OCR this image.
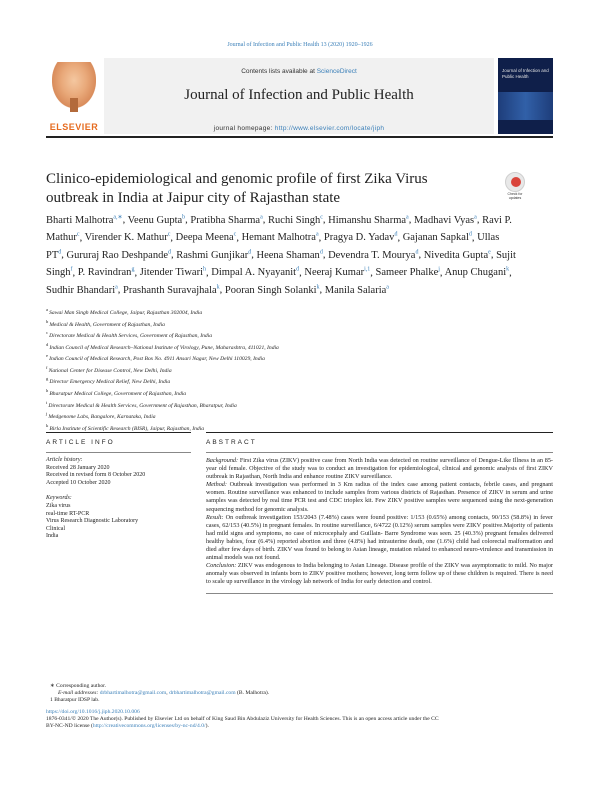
Journal of Infection and Public Health 13 (2020) 1920–1926
ELSEVIER
Contents lists available at ScienceDirect
Journal of Infection and Public Health
journal homepage: http://www.elsevier.com/locate/jiph
Journal of Infection and Public Health
Clinico-epidemiological and genomic profile of first Zika Virus outbreak in India at Jaipur city of Rajasthan state	Check for
updates
Bharti Malhotra$^{a,∗}$, Veenu Gupta$^b$, Pratibha Sharma$^a$, Ruchi Singh$^c$, Himanshu Sharma$^a$, Madhavi Vyas$^a$, Ravi P. Mathur$^c$, Virender K. Mathur$^c$, Deepa Meena$^c$, Hemant Malhotra$^a$, Pragya D. Yadav$^d$, Gajanan Sapkal$^d$, Ullas $PT^d$, Gururaj Rao Deshpande$^d$, Rashmi Gunjikar$^d$, Heena Shaman$^d$, Devendra T. Mourya$^d$, Nivedita Gupta$^e$, Sujit Singh$^f$, P. Ravindran$^g$, Jitender Tiwari$^h$, Dimpal A. Nyayanit$^d$, Neeraj Kumar$^{i,1}$, Sameer Phalke$^j$, Anup Chugani$^k$, Sudhir Bhandari$^a$, Prashanth Suravajhala$^k$, Pooran Singh Solanki$^k$, Manila Salaria$^a$
$^a$ Sawai Man Singh Medical College, Jaipur, Rajasthan 302004, India
$^b$ Medical & Health, Government of Rajasthan, India
$^c$ Directorate Medical & Health Services, Government of Rajasthan, India
$^d$ Indian Council of Medical Research–National Institute of Virology, Pune, Maharashtra, 411021, India
$^e$ Indian Council of Medical Research, Post Box No. 4911 Ansari Nagar, New Delhi 110029, India
$^f$ National Center for Disease Control, New Delhi, India
$^g$ Director Emergency Medical Relief, New Delhi, India
$^h$ Bharatpur Medical College, Government of Rajasthan, India
$^i$ Directorate Medical & Health Services, Government of Rajasthan, Bharatpur, India
$^j$ Medgenome Labs, Bangalore, Karnataka, India
$^k$ Birla Institute of Scientific Research (BISR), Jaipur, Rajasthan, India
ARTICLE INFO
Article history:
Received 28 January 2020
Received in revised form 8 October 2020
Accepted 10 October 2020
Keywords:
Zika virus
real-time RT-PCR
Virus Research Diagnostic Laboratory
Clinical
India
ABSTRACT

Background: First Zika virus (ZIKV) positive case from North India was detected on routine surveillance of Dengue-Like Illness in an 85-year old female. Objective of the study was to conduct an investigation for epidemiological, clinical and genomic analysis of first ZIKV outbreak in Rajasthan, North India and enhance routine ZIKV surveillance.

Method: Outbreak investigation was performed in 3 Km radius of the index case among patient contacts, febrile cases, and pregnant women. Routine surveillance was enhanced to include samples from various districts of Rajasthan. Presence of ZIKV in serum and urine samples was detected by real time PCR test and CDC trioplex kit. Few ZIKV positive samples were sequenced using the next-generation sequencing method for genomic analysis.

Result: On outbreak investigation 153/2043 (7.48%) cases were found positive: 1/153 (0.65%) among contacts, 90/153 (58.8%) in fever cases, 62/153 (40.5%) in pregnant females. In routine surveillance, 6/4722 (0.12%) serum samples were ZIKV positive.Majority of patients had mild signs and symptoms, no case of microcephaly and Guillain- Barre Syndrome was seen. 25 (40.3%) pregnant females delivered healthy babies, four (6.4%) reported abortion and three (4.8%) had intrauterine death, one (1.6%) child had colorectal malformation and died after few days of birth. ZIKV was found to belong to Asian lineage, mutation related to enhanced neuro-virulence and transmission in animal models was not found.

Conclusion: ZIKV was endogenous to India belonging to Asian Lineage. Disease profile of the ZIKV was asymptomatic to mild. No major anomaly was observed in infants born to ZIKV positive mothers; however, long term follow up of these children is required. There is need to scale up surveillance in the virology lab network of India for early detection and control.

∗ Corresponding author.
E-mail addresses: drbhartimalhotra@gmail.com, drbhartimalhotra@gmail.com (B. Malhotra).
1 Bharatpur IDSP lab.
https://doi.org/10.1016/j.jiph.2020.10.006
1876-0341/© 2020 The Author(s). Published by Elsevier Ltd on behalf of King Saud Bin Abdulaziz University for Health Sciences. This is an open access article under the CC
BY-NC-ND license (http://creativecommons.org/licenses/by-nc-nd/4.0/).
